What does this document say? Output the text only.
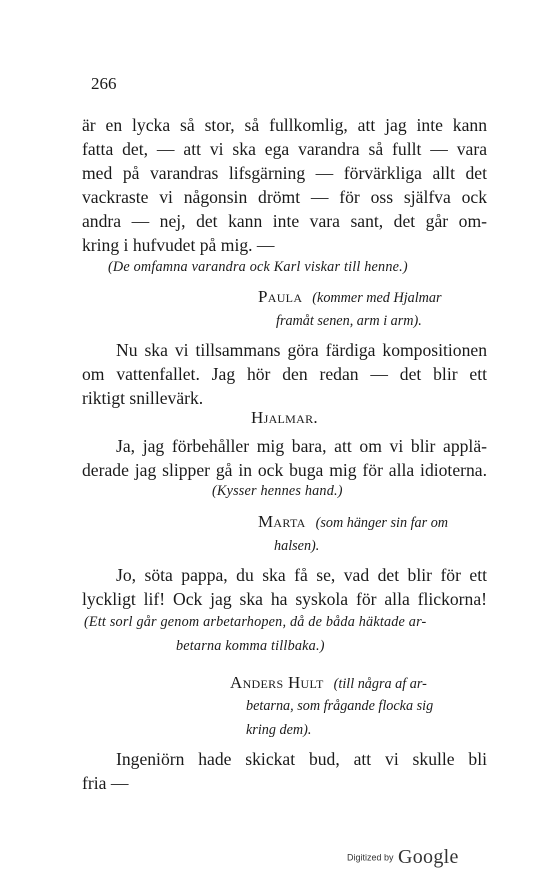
266
är en lycka så stor, så fullkomlig, att jag inte kann
fatta det, — att vi ska ega varandra så fullt — vara
med på varandras lifsgärning — förvärkliga allt det
vackraste vi någonsin drömt — för oss själfva ock
andra — nej, det kann inte vara sant, det går om-
kring i hufvudet på mig. —
(De omfamna varandra ock Karl viskar till henne.)
Paula (kommer med Hjalmar
framåt senen, arm i arm).
Nu ska vi tillsammans göra färdiga kompositionen
om vattenfallet. Jag hör den redan — det blir ett
riktigt snillevärk.
Hjalmar.
Ja, jag förbehåller mig bara, att om vi blir applä-
derade jag slipper gå in ock buga mig för alla idioterna.
(Kysser hennes hand.)
Marta (som hänger sin far om
halsen).
Jo, söta pappa, du ska få se, vad det blir för ett
lyckligt lif! Ock jag ska ha syskola för alla flickorna!
(Ett sorl går genom arbetarhopen, då de båda häktade ar-
betarna komma tillbaka.)
Anders Hult (till några af ar-
betarna, som frågande flocka sig
kring dem).
Ingeniörn hade skickat bud, att vi skulle bli
fria —
Digitized by Google
